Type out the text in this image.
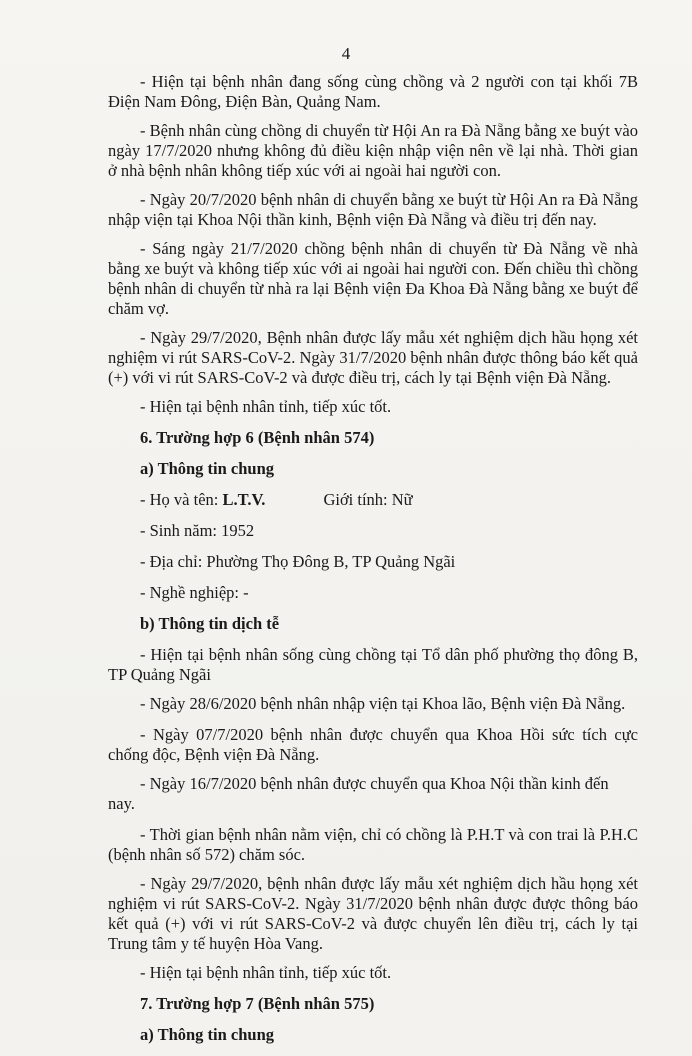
4

- Hiện tại bệnh nhân đang sống cùng chồng và 2 người con tại khối 7B Điện Nam Đông, Điện Bàn, Quảng Nam.

- Bệnh nhân cùng chồng di chuyển từ Hội An ra Đà Nẵng bằng xe buýt vào ngày 17/7/2020 nhưng không đủ điều kiện nhập viện nên về lại nhà. Thời gian ở nhà bệnh nhân không tiếp xúc với ai ngoài hai người con.

- Ngày 20/7/2020 bệnh nhân di chuyển bằng xe buýt từ Hội An ra Đà Nẵng nhập viện tại Khoa Nội thần kinh, Bệnh viện Đà Nẵng và điều trị đến nay.

- Sáng ngày 21/7/2020 chồng bệnh nhân di chuyển từ Đà Nẵng về nhà bằng xe buýt và không tiếp xúc với ai ngoài hai người con. Đến chiều thì chồng bệnh nhân di chuyển từ nhà ra lại Bệnh viện Đa Khoa Đà Nẵng bằng xe buýt để chăm vợ.

- Ngày 29/7/2020, Bệnh nhân được lấy mẫu xét nghiệm dịch hầu họng xét nghiệm vi rút SARS-CoV-2. Ngày 31/7/2020 bệnh nhân được thông báo kết quả (+) với vi rút SARS-CoV-2 và được điều trị, cách ly tại Bệnh viện Đà Nẵng.

- Hiện tại bệnh nhân tỉnh, tiếp xúc tốt.

6. Trường hợp 6 (Bệnh nhân 574)

a) Thông tin chung

- Họ và tên: L.T.V.	Giới tính: Nữ

- Sinh năm: 1952

- Địa chỉ: Phường Thọ Đông B, TP Quảng Ngãi

- Nghề nghiệp: -

b) Thông tin dịch tễ

- Hiện tại bệnh nhân sống cùng chồng tại Tổ dân phố phường thọ đông B, TP Quảng Ngãi

- Ngày 28/6/2020 bệnh nhân nhập viện tại Khoa lão, Bệnh viện Đà Nẵng.

- Ngày 07/7/2020 bệnh nhân được chuyển qua Khoa Hồi sức tích cực chống độc, Bệnh viện Đà Nẵng.

- Ngày 16/7/2020 bệnh nhân được chuyển qua Khoa Nội thần kinh đến nay.

- Thời gian bệnh nhân nằm viện, chỉ có chồng là P.H.T và con trai là P.H.C (bệnh nhân số 572) chăm sóc.

- Ngày 29/7/2020, bệnh nhân được lấy mẫu xét nghiệm dịch hầu họng xét nghiệm vi rút SARS-CoV-2. Ngày 31/7/2020 bệnh nhân được được thông báo kết quả (+) với vi rút SARS-CoV-2 và được chuyển lên điều trị, cách ly tại Trung tâm y tế huyện Hòa Vang.

- Hiện tại bệnh nhân tỉnh, tiếp xúc tốt.

7. Trường hợp 7 (Bệnh nhân 575)

a) Thông tin chung
